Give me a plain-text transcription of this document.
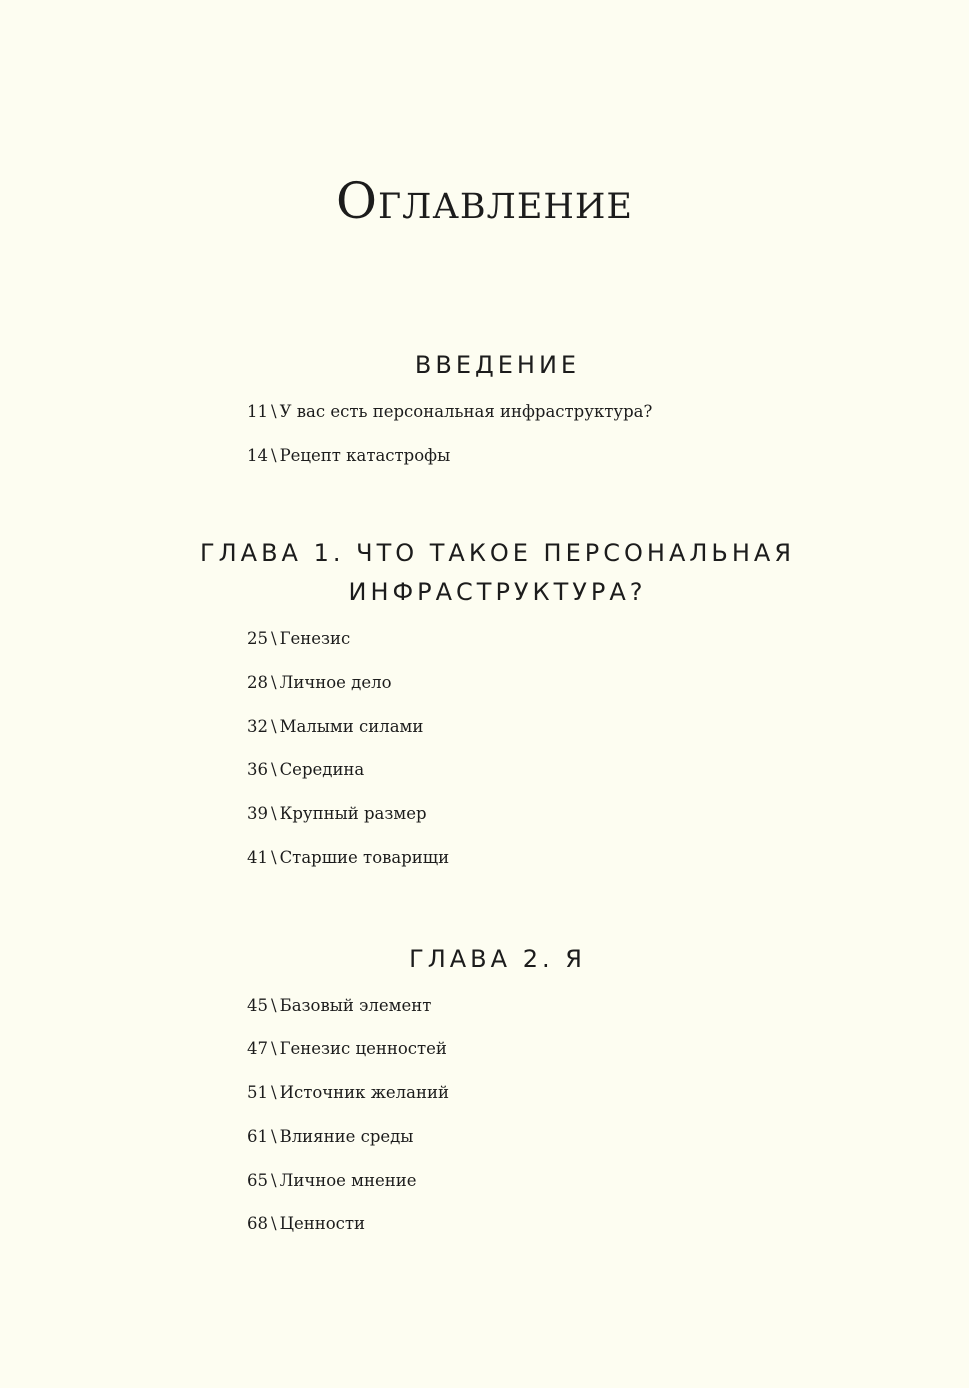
Оглавление
ВВЕДЕНИЕ
11 \ У вас есть персональная инфраструктура?
14 \ Рецепт катастрофы
ГЛАВА 1. ЧТО ТАКОЕ ПЕРСОНАЛЬНАЯ
ИНФРАСТРУКТУРА?
25 \ Генезис
28 \ Личное дело
32 \ Малыми силами
36 \ Середина
39 \ Крупный размер
41 \ Старшие товарищи
ГЛАВА 2. Я
45 \ Базовый элемент
47 \ Генезис ценностей
51 \ Источник желаний
61 \ Влияние среды
65 \ Личное мнение
68 \ Ценности
